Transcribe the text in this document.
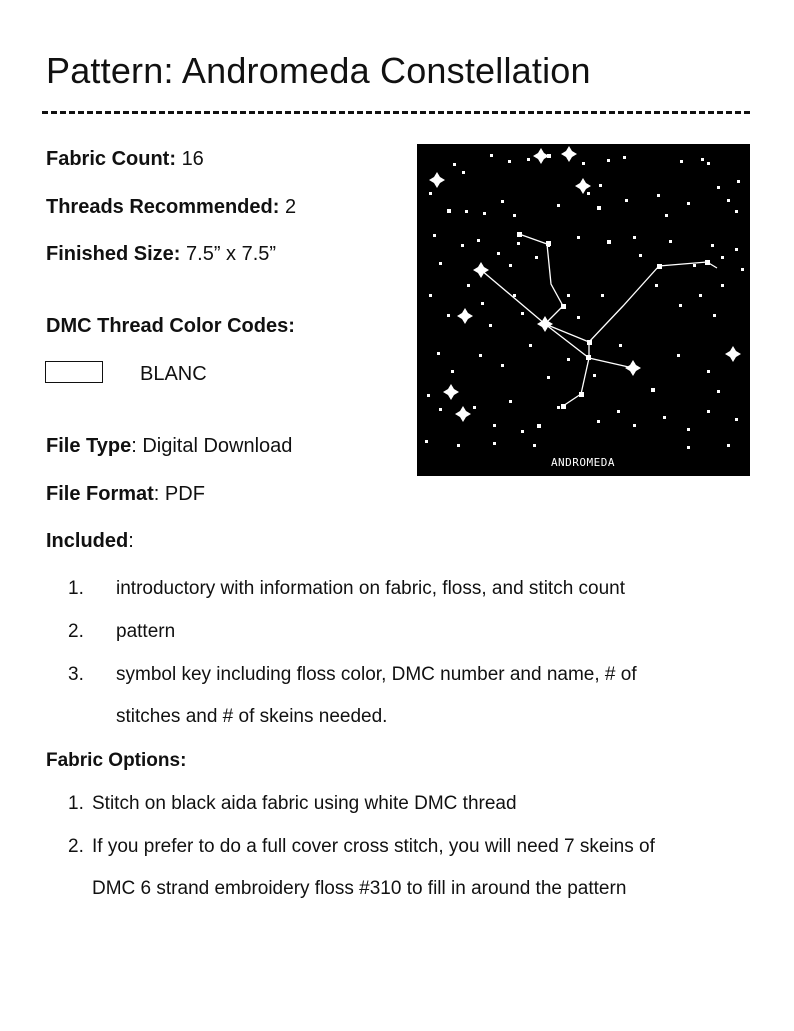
Pattern: Andromeda Constellation
Fabric Count: 16
Threads Recommended: 2
Finished Size: 7.5” x 7.5”
DMC Thread Color Codes:
BLANC
File Type: Digital Download
File Format: PDF
Included:
1. introductory with information on fabric, floss, and stitch count
2. pattern
3. symbol key including floss color, DMC number and name, # of
stitches and # of skeins needed.
Fabric Options:
1. Stitch on black aida fabric using white DMC thread
2. If you prefer to do a full cover cross stitch, you will need 7 skeins of
DMC 6 strand embroidery floss #310 to fill in around the pattern
ANDROMEDA
